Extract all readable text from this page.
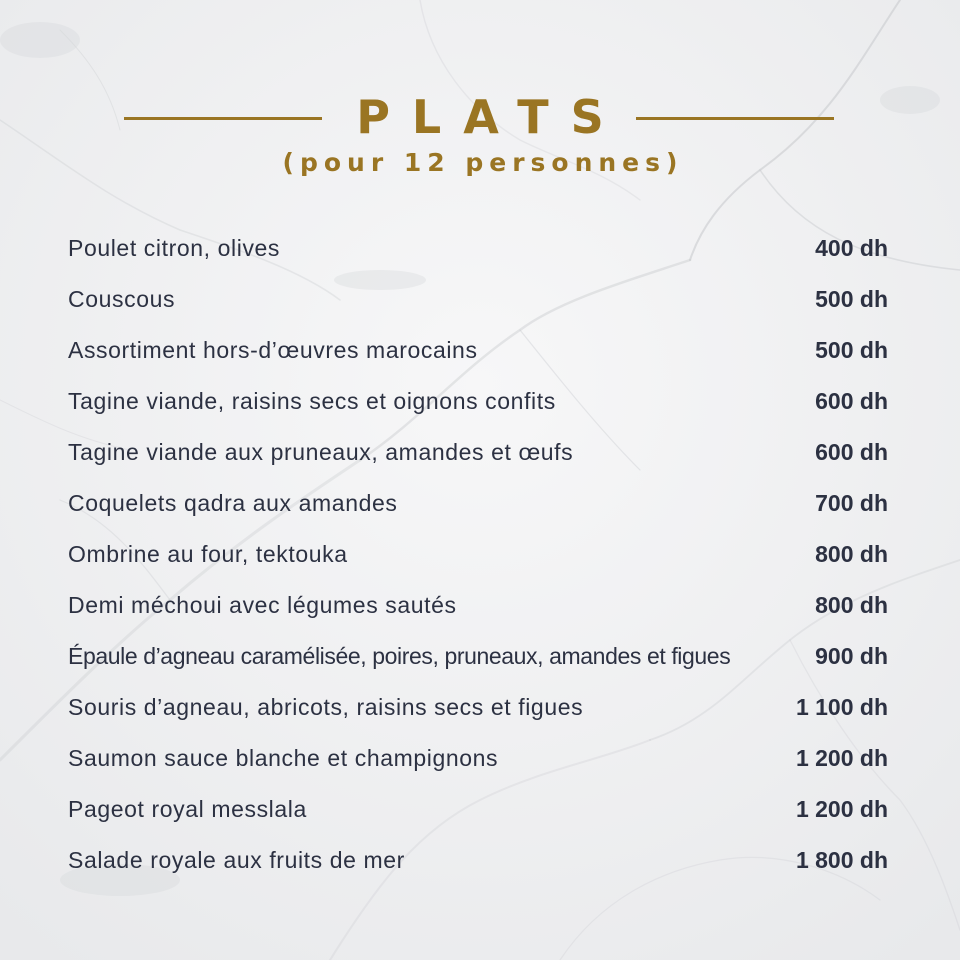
PLATS
(pour 12 personnes)
Poulet citron, olives	400 dh
Couscous	500 dh
Assortiment hors-d’œuvres marocains	500 dh
Tagine viande, raisins secs et oignons confits	600 dh
Tagine viande aux pruneaux, amandes et œufs	600 dh
Coquelets qadra aux amandes	700 dh
Ombrine au four, tektouka	800 dh
Demi méchoui avec légumes sautés	800 dh
Épaule d’agneau caramélisée, poires, pruneaux, amandes et figues	900 dh
Souris d’agneau, abricots, raisins secs et figues	1 100 dh
Saumon sauce blanche et champignons	1 200 dh
Pageot royal messlala	1 200 dh
Salade royale aux fruits de mer	1 800 dh
